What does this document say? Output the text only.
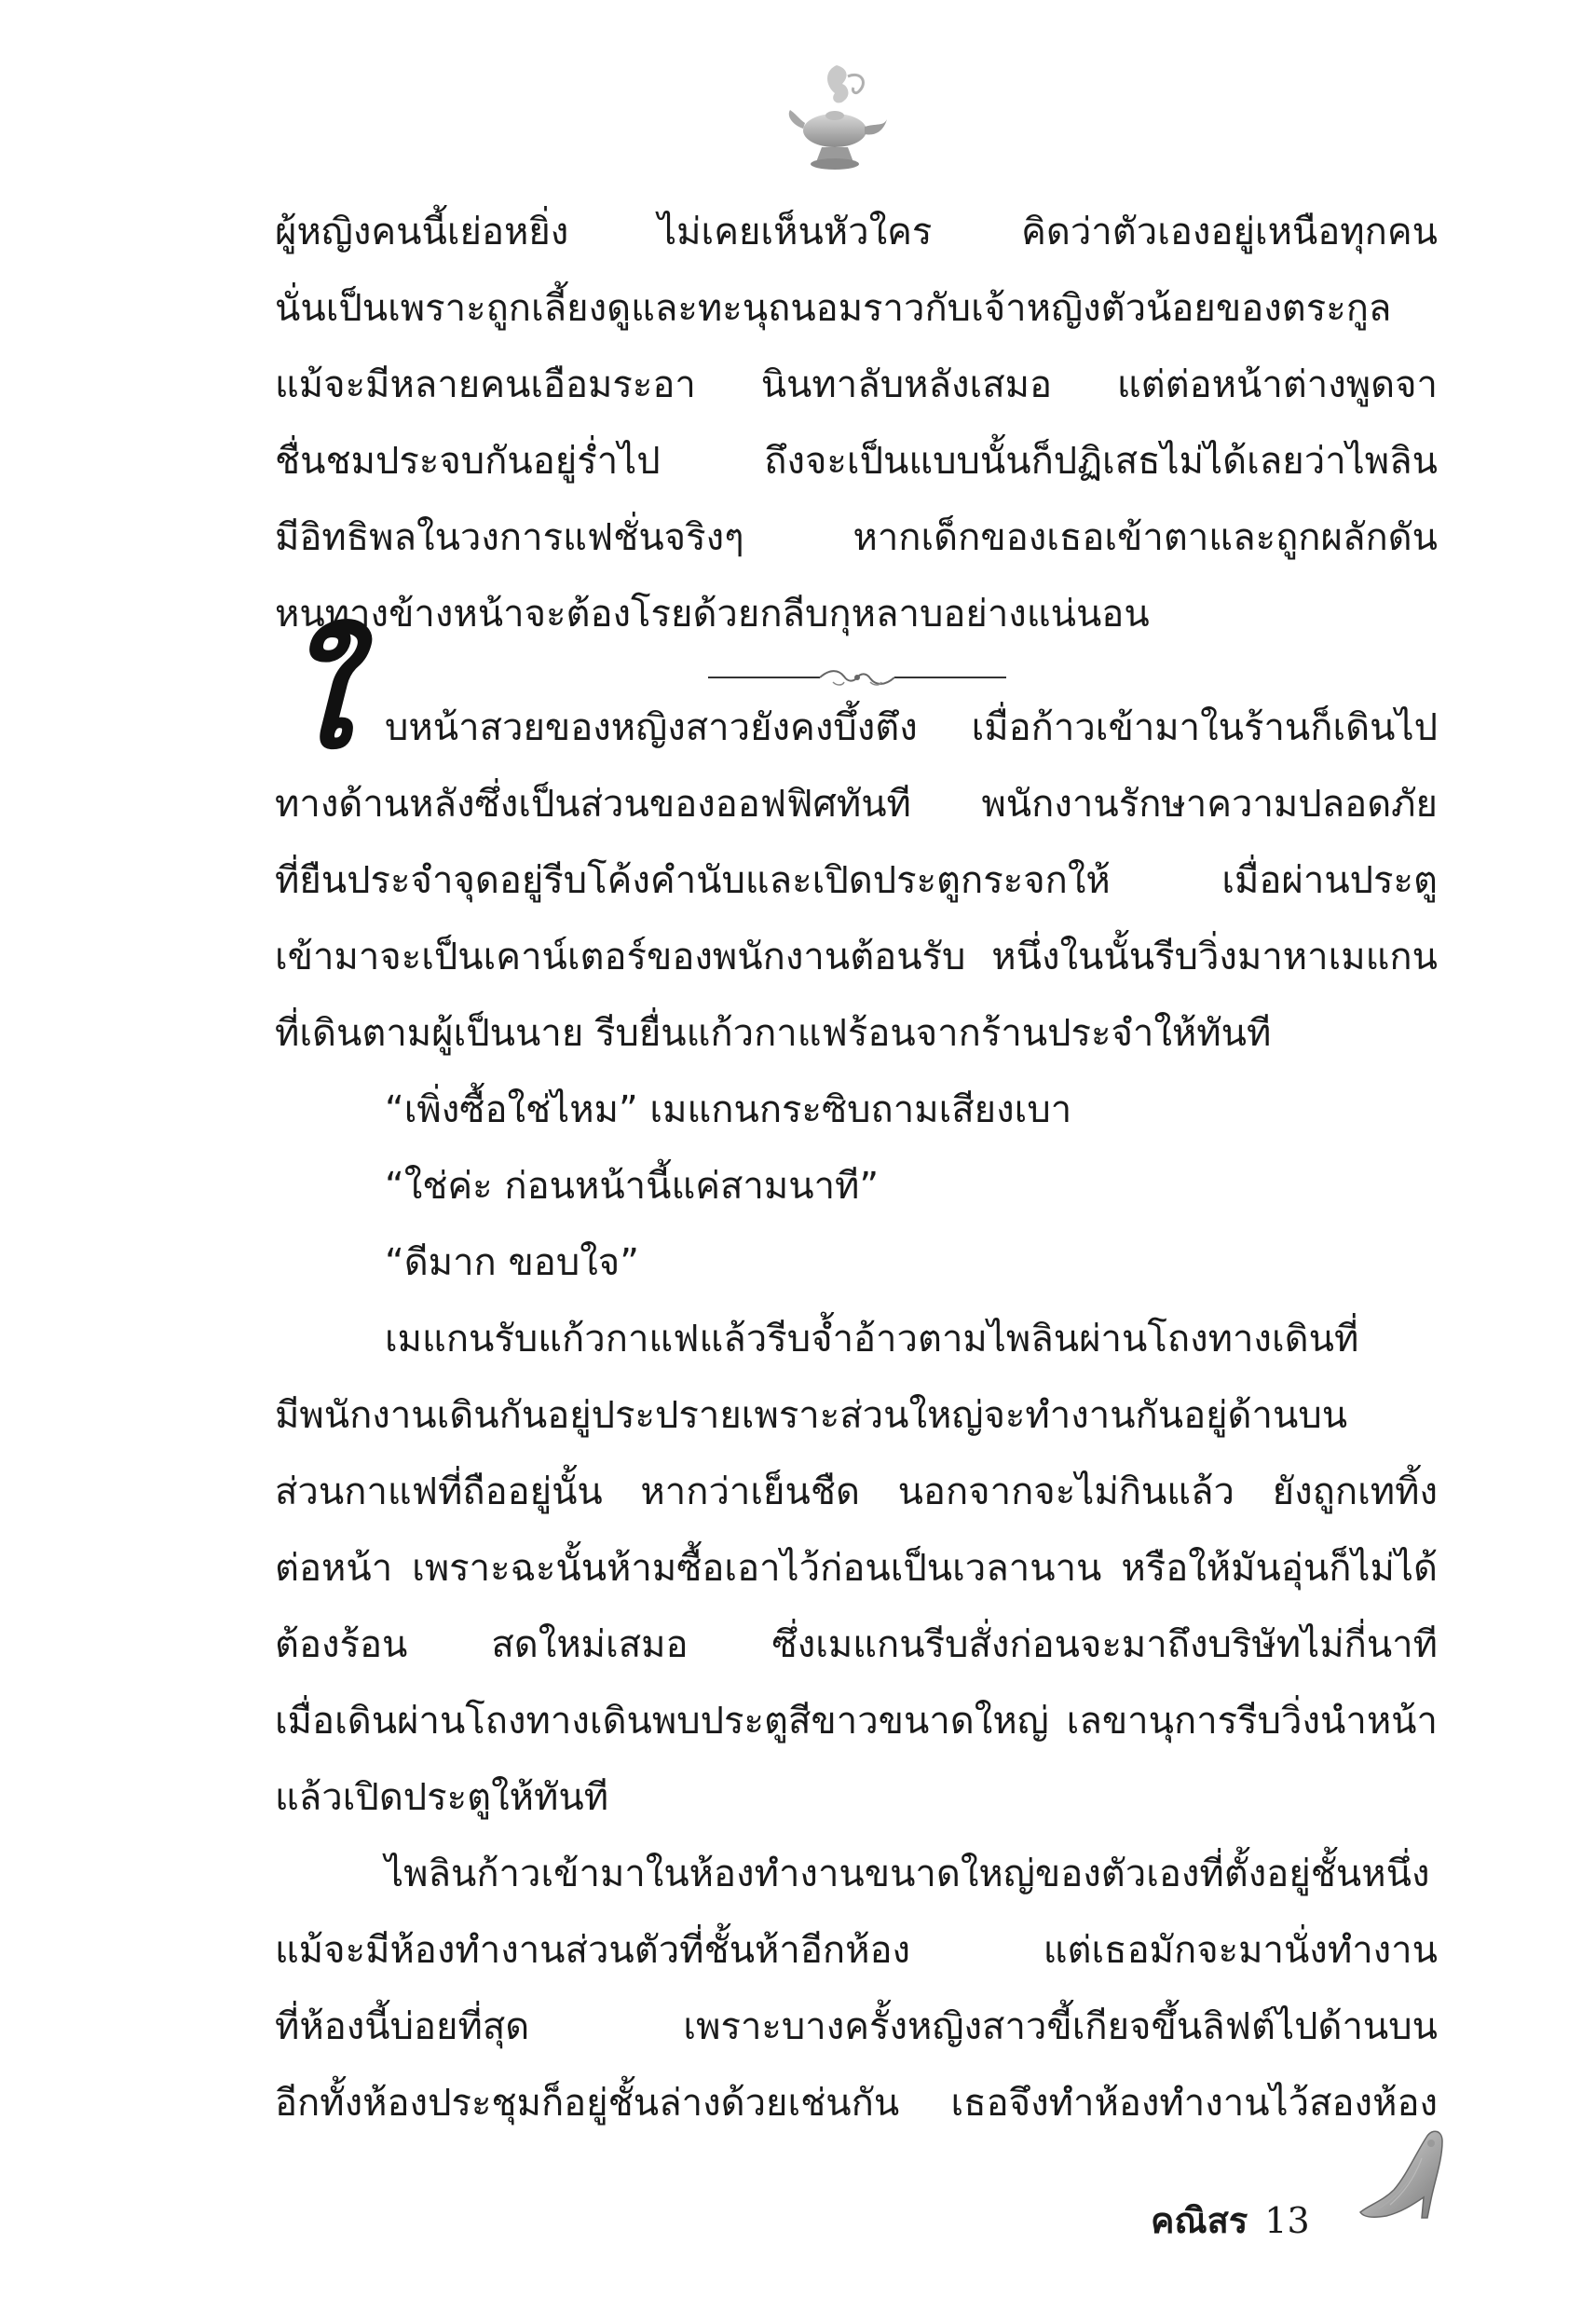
ผู้หญิงคนนี้เย่อหยิ่ง ไม่เคยเห็นหัวใคร คิดว่าตัวเองอยู่เหนือทุกคน
นั่นเป็นเพราะถูกเลี้ยงดูและทะนุถนอมราวกับเจ้าหญิงตัวน้อยของตระกูล
แม้จะมีหลายคนเอือมระอา นินทาลับหลังเสมอ แต่ต่อหน้าต่างพูดจา
ชื่นชมประจบกันอยู่ร่ำไป ถึงจะเป็นแบบนั้นก็ปฏิเสธไม่ได้เลยว่าไพลิน
มีอิทธิพลในวงการแฟชั่นจริงๆ หากเด็กของเธอเข้าตาและถูกผลักดัน
หนทางข้างหน้าจะต้องโรยด้วยกลีบกุหลาบอย่างแน่นอน
ใ บหน้าสวยของหญิงสาวยังคงบึ้งตึง เมื่อก้าวเข้ามาในร้านก็เดินไป
ทางด้านหลังซึ่งเป็นส่วนของออฟฟิศทันที พนักงานรักษาความปลอดภัย
ที่ยืนประจำจุดอยู่รีบโค้งคำนับและเปิดประตูกระจกให้ เมื่อผ่านประตู
เข้ามาจะเป็นเคาน์เตอร์ของพนักงานต้อนรับ หนึ่งในนั้นรีบวิ่งมาหาเมแกน
ที่เดินตามผู้เป็นนาย รีบยื่นแก้วกาแฟร้อนจากร้านประจำให้ทันที
“เพิ่งซื้อใช่ไหม” เมแกนกระซิบถามเสียงเบา
“ใช่ค่ะ ก่อนหน้านี้แค่สามนาที”
“ดีมาก ขอบใจ”
เมแกนรับแก้วกาแฟแล้วรีบจ้ำอ้าวตามไพลินผ่านโถงทางเดินที่
มีพนักงานเดินกันอยู่ประปรายเพราะส่วนใหญ่จะทำงานกันอยู่ด้านบน
ส่วนกาแฟที่ถืออยู่นั้น หากว่าเย็นชืด นอกจากจะไม่กินแล้ว ยังถูกเททิ้ง
ต่อหน้า เพราะฉะนั้นห้ามซื้อเอาไว้ก่อนเป็นเวลานาน หรือให้มันอุ่นก็ไม่ได้
ต้องร้อน สดใหม่เสมอ ซึ่งเมแกนรีบสั่งก่อนจะมาถึงบริษัทไม่กี่นาที
เมื่อเดินผ่านโถงทางเดินพบประตูสีขาวขนาดใหญ่ เลขานุการรีบวิ่งนำหน้า
แล้วเปิดประตูให้ทันที
ไพลินก้าวเข้ามาในห้องทำงานขนาดใหญ่ของตัวเองที่ตั้งอยู่ชั้นหนึ่ง
แม้จะมีห้องทำงานส่วนตัวที่ชั้นห้าอีกห้อง แต่เธอมักจะมานั่งทำงาน
ที่ห้องนี้บ่อยที่สุด เพราะบางครั้งหญิงสาวขี้เกียจขึ้นลิฟต์ไปด้านบน
อีกทั้งห้องประชุมก็อยู่ชั้นล่างด้วยเช่นกัน เธอจึงทำห้องทำงานไว้สองห้อง
คณิสร 13
